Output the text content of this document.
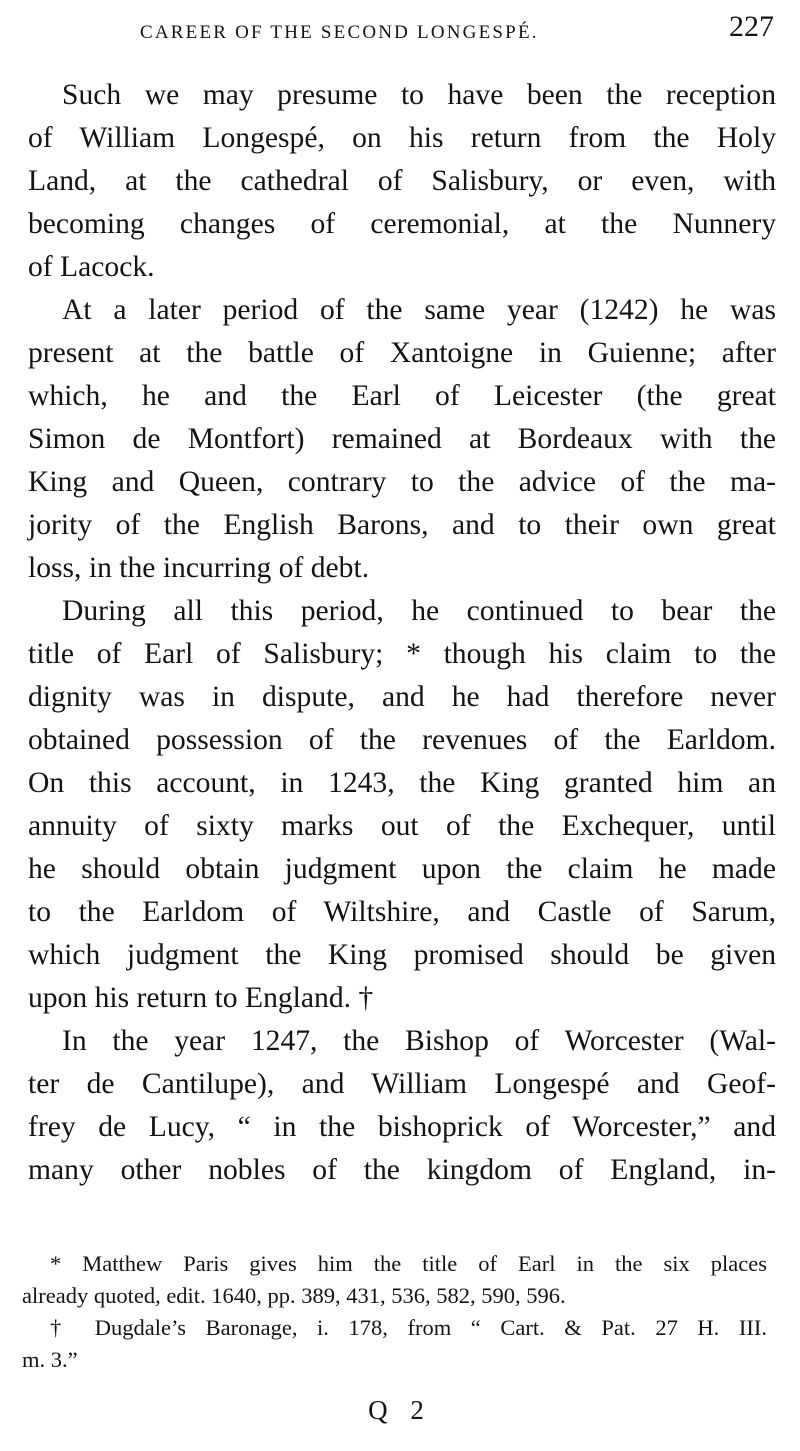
CAREER OF THE SECOND LONGESPÉ.	227
Such we may presume to have been the reception
of William Longespé, on his return from the Holy
Land, at the cathedral of Salisbury, or even, with
becoming changes of ceremonial, at the Nunnery
of Lacock.
At a later period of the same year (1242) he was
present at the battle of Xantoigne in Guienne; after
which, he and the Earl of Leicester (the great
Simon de Montfort) remained at Bordeaux with the
King and Queen, contrary to the advice of the ma-
jority of the English Barons, and to their own great
loss, in the incurring of debt.
During all this period, he continued to bear the
title of Earl of Salisbury; * though his claim to the
dignity was in dispute, and he had therefore never
obtained possession of the revenues of the Earldom.
On this account, in 1243, the King granted him an
annuity of sixty marks out of the Exchequer, until
he should obtain judgment upon the claim he made
to the Earldom of Wiltshire, and Castle of Sarum,
which judgment the King promised should be given
upon his return to England. †
In the year 1247, the Bishop of Worcester (Wal-
ter de Cantilupe), and William Longespé and Geof-
frey de Lucy, “ in the bishoprick of Worcester,” and
many other nobles of the kingdom of England, in-
* Matthew Paris gives him the title of Earl in the six places
already quoted, edit. 1640, pp. 389, 431, 536, 582, 590, 596.
† Dugdale’s Baronage, i. 178, from “ Cart. & Pat. 27 H. III.
m. 3.”
Q 2
